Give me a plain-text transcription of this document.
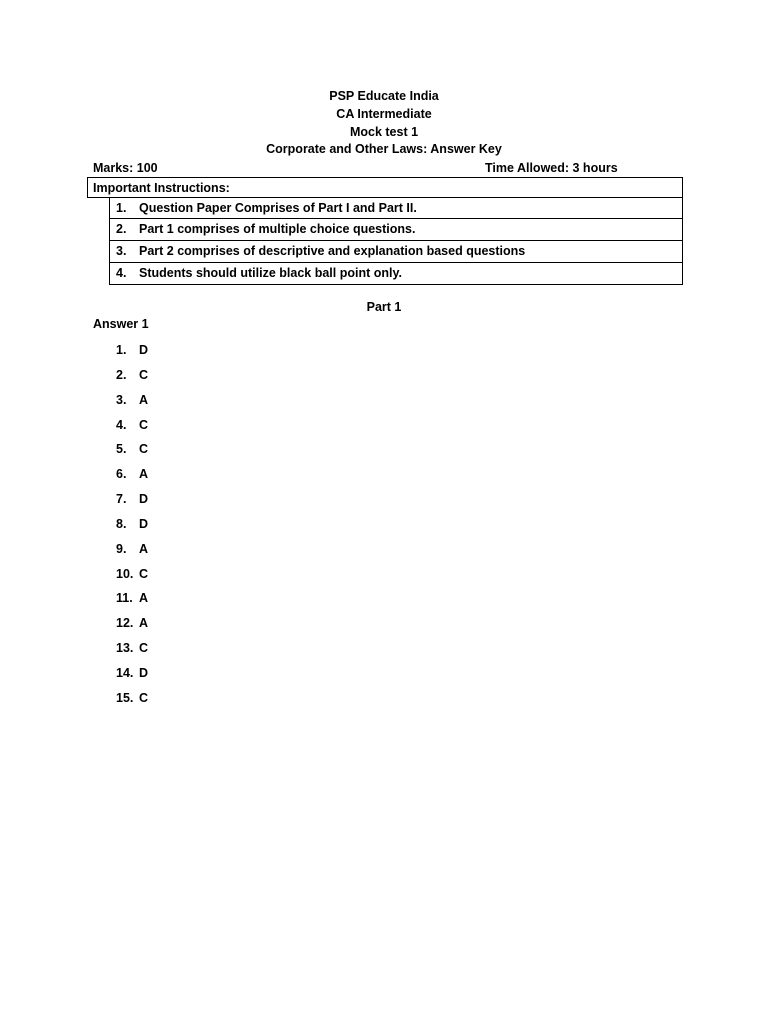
PSP Educate India
CA Intermediate
Mock test 1
Corporate and Other Laws: Answer Key
Marks: 100	Time Allowed: 3 hours
Important Instructions:
1. Question Paper Comprises of Part I and Part II.
2. Part 1 comprises of multiple choice questions.
3. Part 2 comprises of descriptive and explanation based questions
4. Students should utilize black ball point only.
Part 1
Answer 1
1. D
2. C
3. A
4. C
5. C
6. A
7. D
8. D
9. A
10. C
11. A
12. A
13. C
14. D
15. C
